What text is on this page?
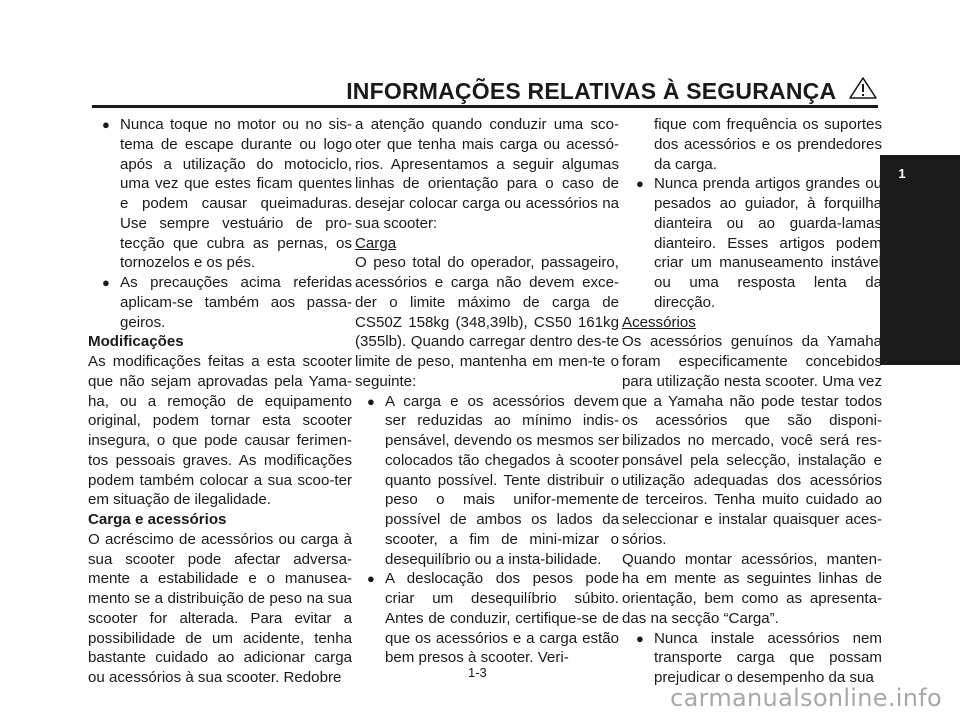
INFORMAÇÕES RELATIVAS À SEGURANÇA
1
● Nunca toque no motor ou no sis-tema de escape durante ou logo após a utilização do motociclo, uma vez que estes ficam quentes e podem causar queimaduras. Use sempre vestuário de pro-tecção que cubra as pernas, os tornozelos e os pés.
● As precauções acima referidas aplicam-se também aos passa-geiros.
Modificações
As modificações feitas a esta scooter que não sejam aprovadas pela Yama-ha, ou a remoção de equipamento original, podem tornar esta scooter insegura, o que pode causar ferimen-tos pessoais graves. As modificações podem também colocar a sua scoo-ter em situação de ilegalidade.
Carga e acessórios
O acréscimo de acessórios ou carga à sua scooter pode afectar adversa-mente a estabilidade e o manusea-mento se a distribuição de peso na sua scooter for alterada. Para evitar a possibilidade de um acidente, tenha bastante cuidado ao adicionar carga ou acessórios à sua scooter. Redobre
a atenção quando conduzir uma sco-oter que tenha mais carga ou acessó-rios. Apresentamos a seguir algumas linhas de orientação para o caso de desejar colocar carga ou acessórios na sua scooter:
Carga
O peso total do operador, passageiro, acessórios e carga não devem exce-der o limite máximo de carga de CS50Z 158kg (348,39lb), CS50 161kg (355lb). Quando carregar dentro des-te limite de peso, mantenha em men-te o seguinte:
● A carga e os acessórios devem ser reduzidas ao mínimo indis-pensável, devendo os mesmos ser colocados tão chegados à scooter quanto possível. Tente distribuir o peso o mais unifor-memente possível de ambos os lados da scooter, a fim de mini-mizar o desequilíbrio ou a insta-bilidade.
● A deslocação dos pesos pode criar um desequilíbrio súbito. Antes de conduzir, certifique-se de que os acessórios e a carga estão bem presos à scooter. Veri-
fique com frequência os suportes dos acessórios e os prendedores da carga.
● Nunca prenda artigos grandes ou pesados ao guiador, à forquilha dianteira ou ao guarda-lamas dianteiro. Esses artigos podem criar um manuseamento instável ou uma resposta lenta da direcção.
Acessórios
Os acessórios genuínos da Yamaha foram especificamente concebidos para utilização nesta scooter. Uma vez que a Yamaha não pode testar todos os acessórios que são disponi-bilizados no mercado, você será res-ponsável pela selecção, instalação e utilização adequadas dos acessórios de terceiros. Tenha muito cuidado ao seleccionar e instalar quaisquer aces-sórios.
Quando montar acessórios, manten-ha em mente as seguintes linhas de orientação, bem como as apresenta-das na secção “Carga”.
● Nunca instale acessórios nem transporte carga que possam prejudicar o desempenho da sua
1-3
carmanualsonline.info
